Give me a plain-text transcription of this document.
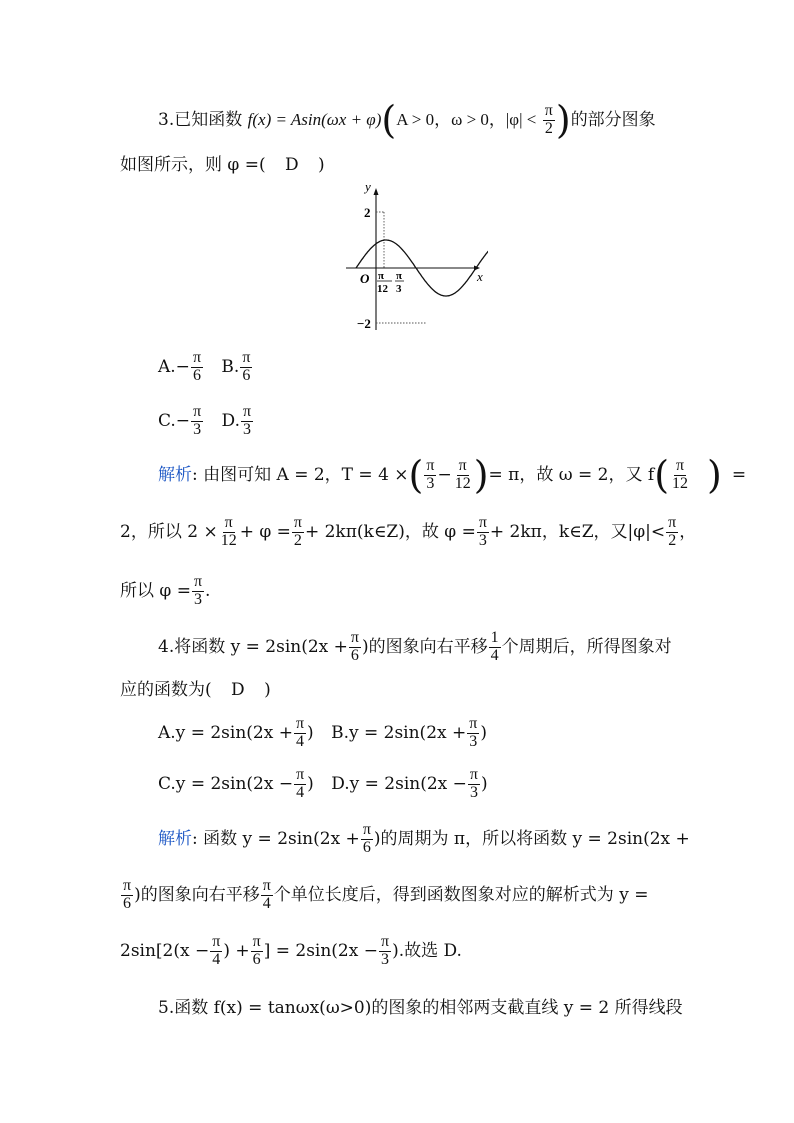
3.已知函数 f(x) = Asin(ωx + φ)(A > 0，ω > 0，$|\varphi| < \frac{\pi}{2}$ )的部分图象
如图所示，则 φ =( D )
y
x
O
2
−2
π
12
π
3
$A.- \frac{\pi}{6} B$. $\frac{\pi}{6}$
$C.- \frac{\pi}{3} D$. $\frac{\pi}{3}$
解析: 由图可知 A = 2，T = 4 ×( $\frac{\pi}{3} - \frac{\pi}{12}$ )= π，故 ω = 2，又 $f( \frac{\pi}{12}$ ) =
2，所以 $2 \times \frac{\pi}{12} + \varphi = \frac{\pi}{2}$ + 2kπ(k∈Z)，故 $\varphi = \frac{\pi}{3} + 2k\pi$，k∈Z，又$|\varphi|< \frac{\pi}{2}$ ，
所以 $\varphi = \frac{\pi}{3}$ .
4.将函数 $y = 2\sin(2x + \frac{\pi}{6}$ )的图象向右平移 $\frac{1}{4}$ 个周期后，所得图象对
应的函数为( D )
$A.y = 2\sin(2x + \frac{\pi}{4}$ ) $B.y = 2\sin(2x + \frac{\pi}{3}$ )
$C.y = 2\sin(2x - \frac{\pi}{4}$ ) $D.y = 2\sin(2x - \frac{\pi}{3}$ )
解析: 函数 $y = 2\sin(2x + \frac{\pi}{6}$ )的周期为 π，所以将函数 y = 2sin(2x +
$\frac{\pi}{6}$ )的图象向右平移 $\frac{\pi}{4}$ 个单位长度后，得到函数图象对应的解析式为 y =
$2\sin[2(x - \frac{\pi}{4}$ ) + $\frac{\pi}{6}$ ] = $2\sin(2x - \frac{\pi}{3}$ ).故选 D.
5.函数 f(x) = tanωx(ω>0)的图象的相邻两支截直线 y = 2 所得线段
